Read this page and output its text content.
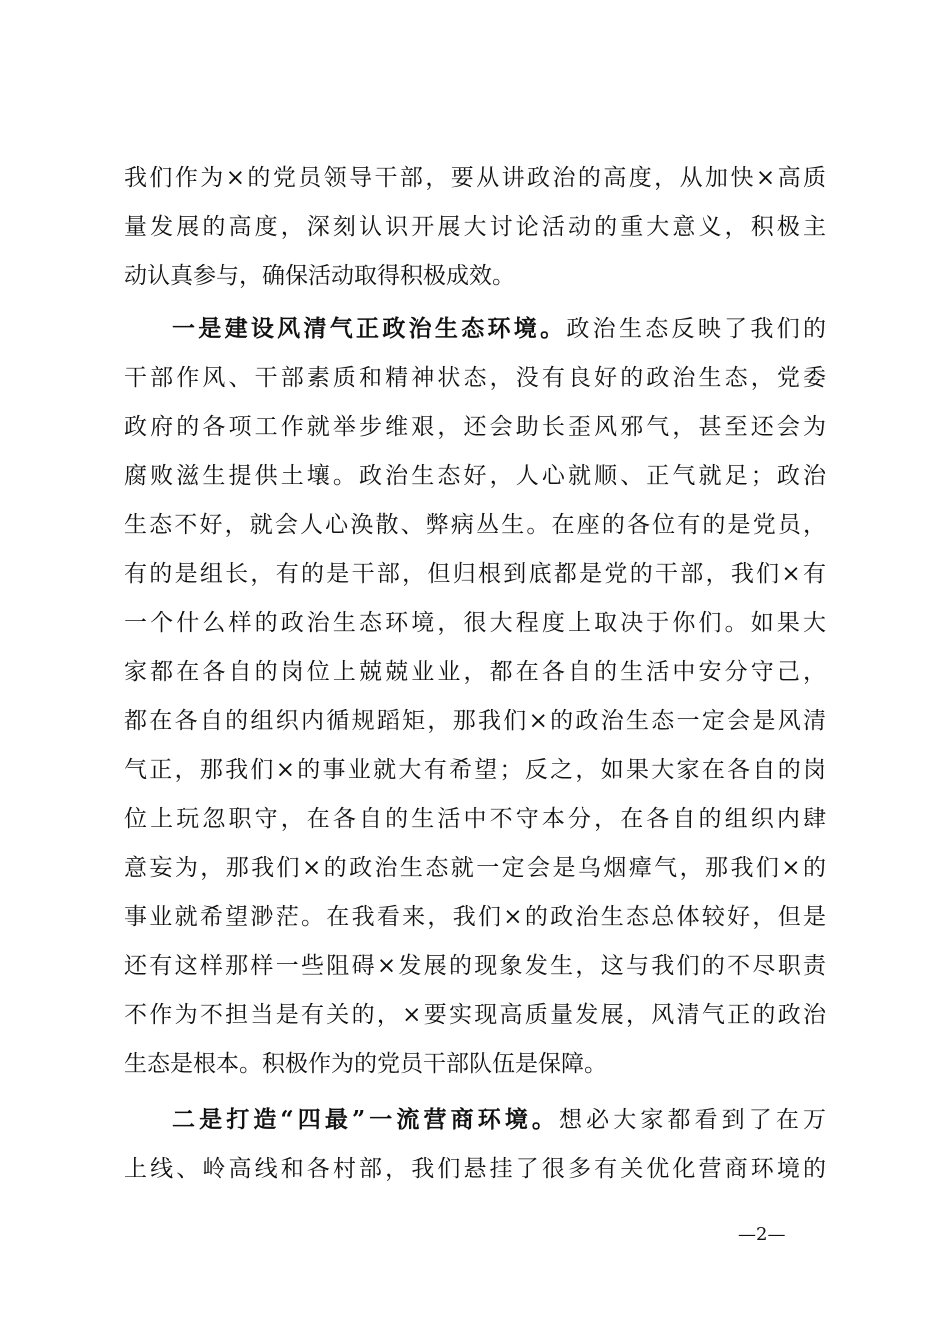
我们作为×的党员领导干部，要从讲政治的高度，从加快×高质
量发展的高度，深刻认识开展大讨论活动的重大意义，积极主
动认真参与，确保活动取得积极成效。
一是建设风清气正政治生态环境。政治生态反映了我们的
干部作风、干部素质和精神状态，没有良好的政治生态，党委
政府的各项工作就举步维艰，还会助长歪风邪气，甚至还会为
腐败滋生提供土壤。政治生态好，人心就顺、正气就足；政治
生态不好，就会人心涣散、弊病丛生。在座的各位有的是党员，
有的是组长，有的是干部，但归根到底都是党的干部，我们×有
一个什么样的政治生态环境，很大程度上取决于你们。如果大
家都在各自的岗位上兢兢业业，都在各自的生活中安分守己，
都在各自的组织内循规蹈矩，那我们×的政治生态一定会是风清
气正，那我们×的事业就大有希望；反之，如果大家在各自的岗
位上玩忽职守，在各自的生活中不守本分，在各自的组织内肆
意妄为，那我们×的政治生态就一定会是乌烟瘴气，那我们×的
事业就希望渺茫。在我看来，我们×的政治生态总体较好，但是
还有这样那样一些阻碍×发展的现象发生，这与我们的不尽职责
不作为不担当是有关的，×要实现高质量发展，风清气正的政治
生态是根本。积极作为的党员干部队伍是保障。
二是打造“四最”一流营商环境。想必大家都看到了在万
上线、岭高线和各村部，我们悬挂了很多有关优化营商环境的
—2—
